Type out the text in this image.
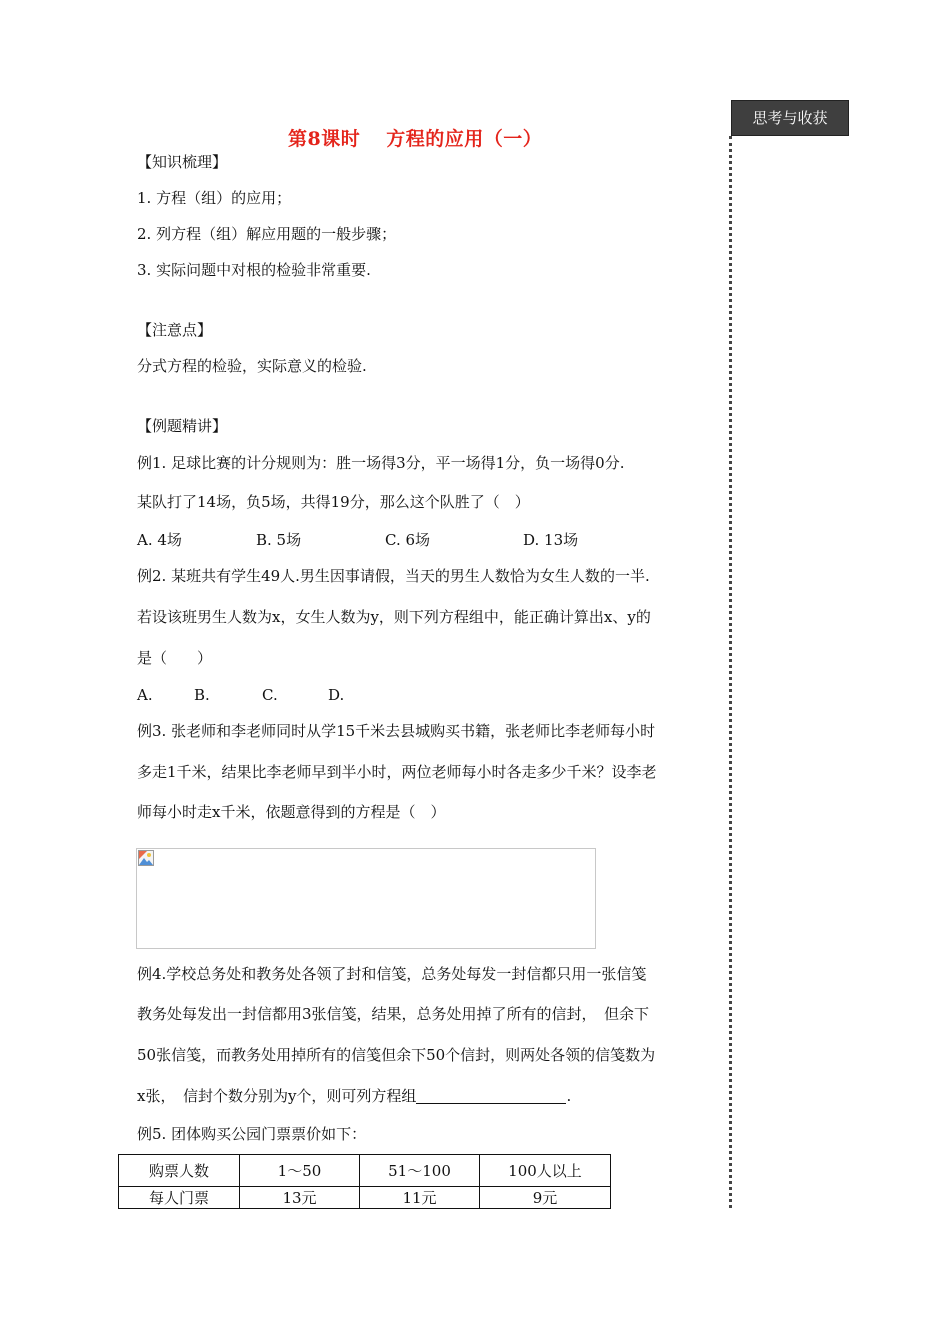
思考与收获
第8课时 方程的应用（一）
【知识梳理】
1. 方程（组）的应用；
2. 列方程（组）解应用题的一般步骤；
3. 实际问题中对根的检验非常重要.
【注意点】
分式方程的检验，实际意义的检验.
【例题精讲】
例1. 足球比赛的计分规则为：胜一场得3分，平一场得1分，负一场得0分.
某队打了14场，负5场，共得19分，那么这个队胜了（　）
A. 4场	B. 5场	C. 6场	D. 13场
例2. 某班共有学生49人.男生因事请假，当天的男生人数恰为女生人数的一半.
若设该班男生人数为x，女生人数为y，则下列方程组中，能正确计算出x、y的
是（　　）
A.	B.	C.	D.
例3. 张老师和李老师同时从学15千米去县城购买书籍，张老师比李老师每小时
多走1千米，结果比李老师早到半小时，两位老师每小时各走多少千米？设李老
师每小时走x千米，依题意得到的方程是（　）
例4.学校总务处和教务处各领了封和信笺，总务处每发一封信都只用一张信笺
教务处每发出一封信都用3张信笺，结果，总务处用掉了所有的信封，　但余下
50张信笺，而教务处用掉所有的信笺但余下50个信封，则两处各领的信笺数为
x张，　信封个数分别为y个，则可列方程组	.
例5. 团体购买公园门票票价如下：
购票人数	1～50	51～100	100人以上
每人门票	13元	11元	9元
